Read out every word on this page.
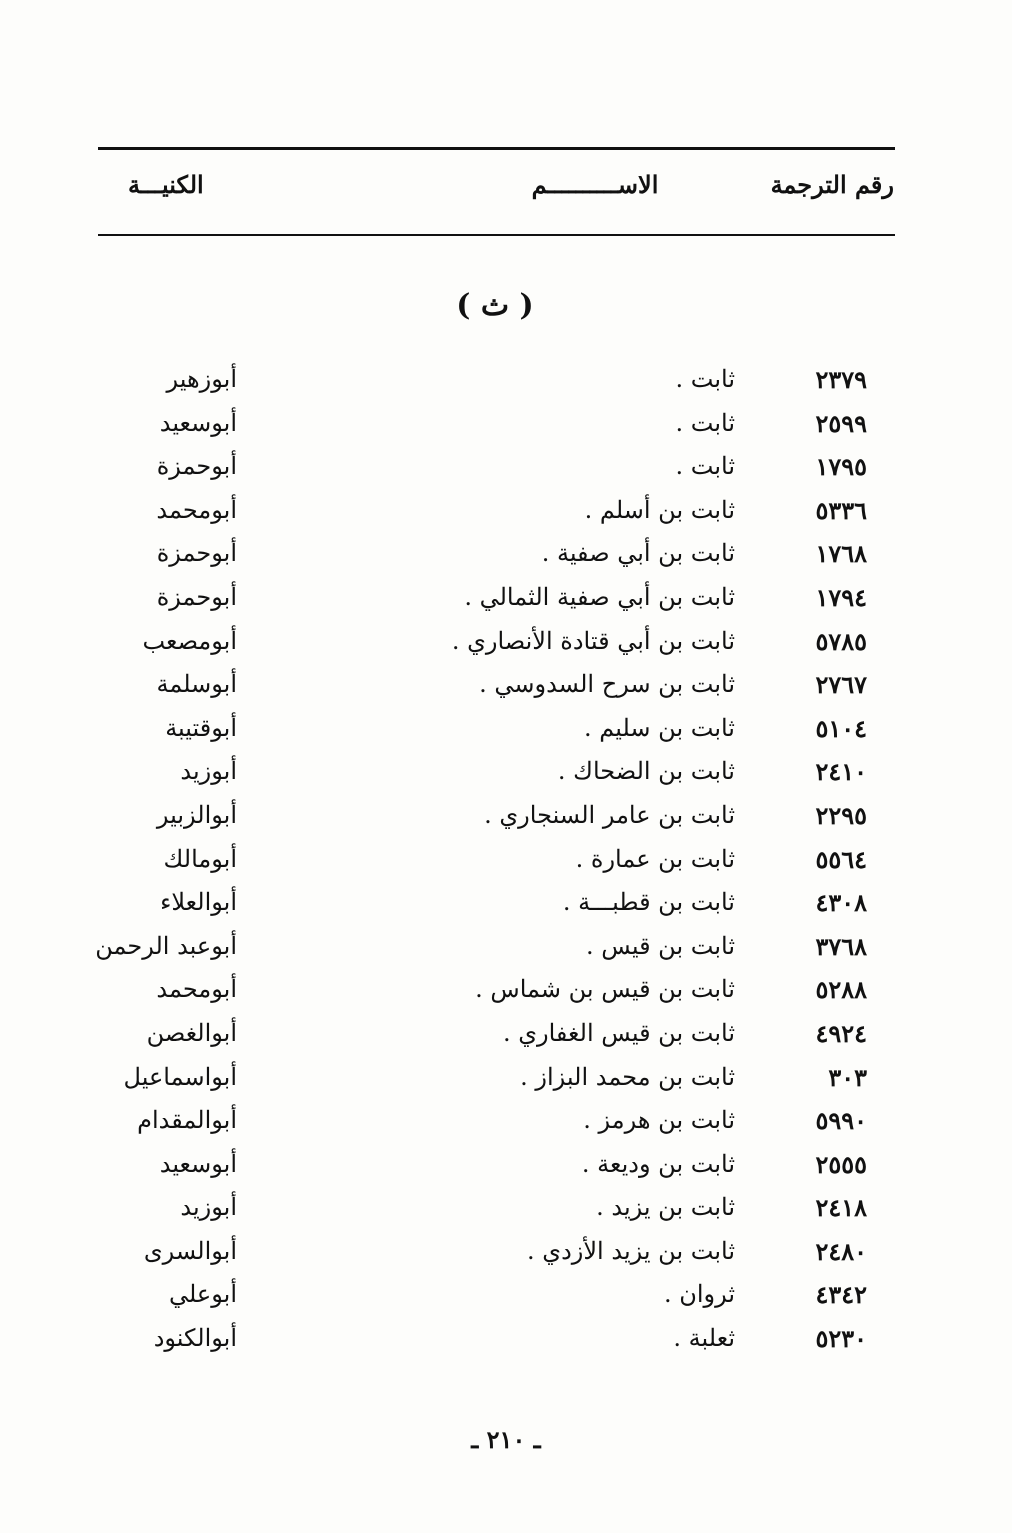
رقم الترجمة
الاســــــــــم
الكنيـــة
( ث )
٢٣٧٩
ثابت .
أبوزهير
٢٥٩٩
ثابت .
أبوسعيد
١٧٩٥
ثابت .
أبوحمزة
٥٣٣٦
ثابت بن أسلم .
أبومحمد
١٧٦٨
ثابت بن أبي صفية .
أبوحمزة
١٧٩٤
ثابت بن أبي صفية الثمالي .
أبوحمزة
٥٧٨٥
ثابت بن أبي قتادة الأنصاري .
أبومصعب
٢٧٦٧
ثابت بن سرح السدوسي .
أبوسلمة
٥١٠٤
ثابت بن سليم .
أبوقتيبة
٢٤١٠
ثابت بن الضحاك .
أبوزيد
٢٢٩٥
ثابت بن عامر السنجاري .
أبوالزبير
٥٥٦٤
ثابت بن عمارة .
أبومالك
٤٣٠٨
ثابت بن قطبـــة .
أبوالعلاء
٣٧٦٨
ثابت بن قيس .
أبوعبد الرحمن
٥٢٨٨
ثابت بن قيس بن شماس .
أبومحمد
٤٩٢٤
ثابت بن قيس الغفاري .
أبوالغصن
٣٠٣
ثابت بن محمد البزاز .
أبواسماعيل
٥٩٩٠
ثابت بن هرمز .
أبوالمقدام
٢٥٥٥
ثابت بن وديعة .
أبوسعيد
٢٤١٨
ثابت بن يزيد .
أبوزيد
٢٤٨٠
ثابت بن يزيد الأزدي .
أبوالسرى
٤٣٤٢
ثروان .
أبوعلي
٥٢٣٠
ثعلبة .
أبوالكنود
ـ ٢١٠ ـ
